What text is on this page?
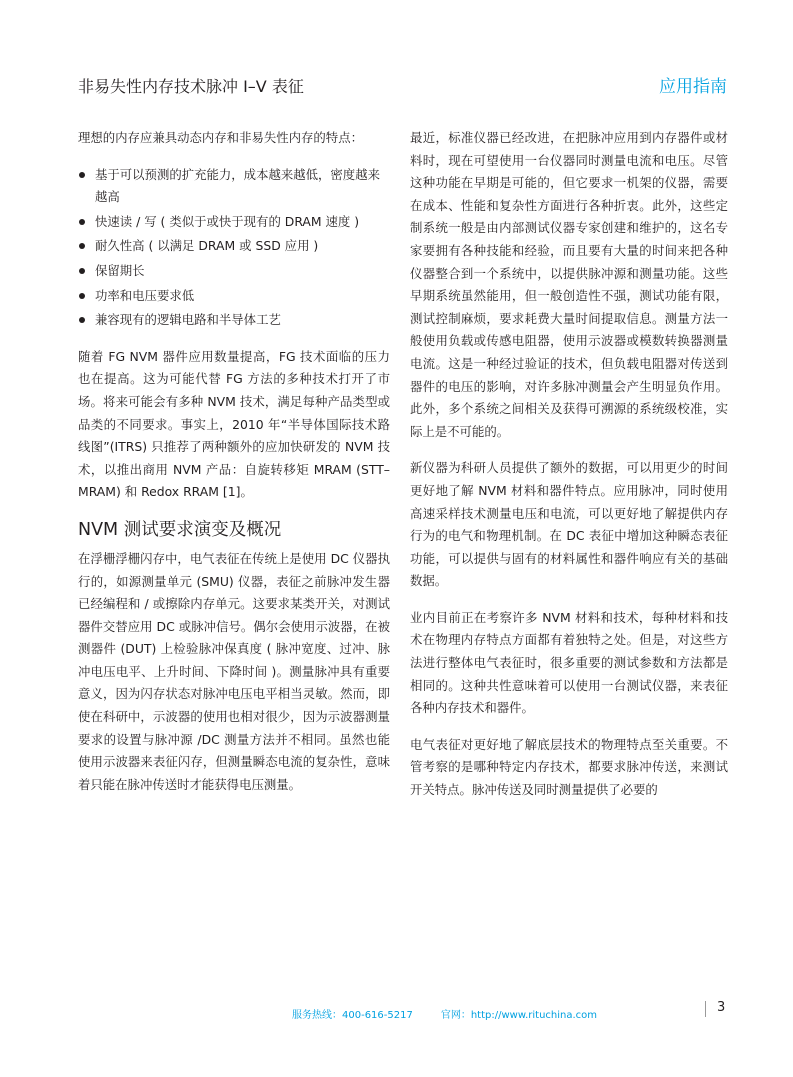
非易失性内存技术脉冲 I–V 表征	应用指南

理想的内存应兼具动态内存和非易失性内存的特点：

基于可以预测的扩充能力，成本越来越低，密度越来越高
快速读 / 写 ( 类似于或快于现有的 DRAM 速度 )
耐久性高 ( 以满足 DRAM 或 SSD 应用 )
保留期长
功率和电压要求低
兼容现有的逻辑电路和半导体工艺

随着 FG NVM 器件应用数量提高，FG 技术面临的压力也在提高。这为可能代替 FG 方法的多种技术打开了市场。将来可能会有多种 NVM 技术，满足每种产品类型或品类的不同要求。事实上，2010 年“半导体国际技术路线图”(ITRS) 只推荐了两种额外的应加快研发的 NVM 技术，以推出商用 NVM 产品：自旋转移矩 MRAM (STT–MRAM) 和 Redox RRAM [1]。

NVM 测试要求演变及概况

在浮栅浮栅闪存中，电气表征在传统上是使用 DC 仪器执行的，如源测量单元 (SMU) 仪器，表征之前脉冲发生器已经编程和 / 或擦除内存单元。这要求某类开关，对测试器件交替应用 DC 或脉冲信号。偶尔会使用示波器，在被测器件 (DUT) 上检验脉冲保真度 ( 脉冲宽度、过冲、脉冲电压电平、上升时间、下降时间 )。测量脉冲具有重要意义，因为闪存状态对脉冲电压电平相当灵敏。然而，即使在科研中，示波器的使用也相对很少，因为示波器测量要求的设置与脉冲源 /DC 测量方法并不相同。虽然也能使用示波器来表征闪存，但测量瞬态电流的复杂性，意味着只能在脉冲传送时才能获得电压测量。

最近，标准仪器已经改进，在把脉冲应用到内存器件或材料时，现在可望使用一台仪器同时测量电流和电压。尽管这种功能在早期是可能的，但它要求一机架的仪器，需要在成本、性能和复杂性方面进行各种折衷。此外，这些定制系统一般是由内部测试仪器专家创建和维护的，这名专家要拥有各种技能和经验，而且要有大量的时间来把各种仪器整合到一个系统中，以提供脉冲源和测量功能。这些早期系统虽然能用，但一般创造性不强，测试功能有限，测试控制麻烦，要求耗费大量时间提取信息。测量方法一般使用负载或传感电阻器，使用示波器或模数转换器测量电流。这是一种经过验证的技术，但负载电阻器对传送到器件的电压的影响，对许多脉冲测量会产生明显负作用。此外，多个系统之间相关及获得可溯源的系统级校准，实际上是不可能的。

新仪器为科研人员提供了额外的数据，可以用更少的时间更好地了解 NVM 材料和器件特点。应用脉冲，同时使用高速采样技术测量电压和电流，可以更好地了解提供内存行为的电气和物理机制。在 DC 表征中增加这种瞬态表征功能，可以提供与固有的材料属性和器件响应有关的基础数据。

业内目前正在考察许多 NVM 材料和技术，每种材料和技术在物理内存特点方面都有着独特之处。但是，对这些方法进行整体电气表征时，很多重要的测试参数和方法都是相同的。这种共性意味着可以使用一台测试仪器，来表征各种内存技术和器件。

电气表征对更好地了解底层技术的物理特点至关重要。不管考察的是哪种特定内存技术，都要求脉冲传送，来测试开关特点。脉冲传送及同时测量提供了必要的

服务热线：400-616-5217	官网：http://www.rituchina.com
3
